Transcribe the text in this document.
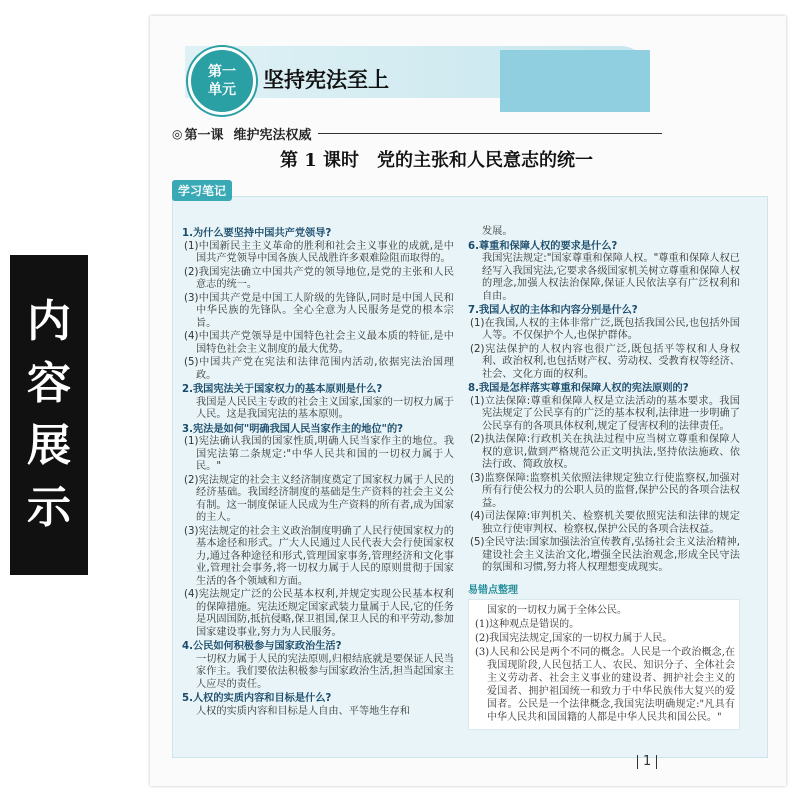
内
容
展
示
第一
单元 坚持宪法至上
◎ 第一课 维护宪法权威
第 1 课时　党的主张和人民意志的统一
学习笔记
1.为什么要坚持中国共产党领导?
(1)中国新民主主义革命的胜利和社会主义事业的成就,是中国共产党领导中国各族人民战胜许多艰难险阻而取得的。
(2)我国宪法确立中国共产党的领导地位,是党的主张和人民意志的统一。
(3)中国共产党是中国工人阶级的先锋队,同时是中国人民和中华民族的先锋队。全心全意为人民服务是党的根本宗旨。
(4)中国共产党领导是中国特色社会主义最本质的特征,是中国特色社会主义制度的最大优势。
(5)中国共产党在宪法和法律范围内活动,依据宪法治国理政。
2.我国宪法关于国家权力的基本原则是什么?
我国是人民民主专政的社会主义国家,国家的一切权力属于人民。这是我国宪法的基本原则。
3.宪法是如何"明确我国人民当家作主的地位"的?
(1)宪法确认我国的国家性质,明确人民当家作主的地位。我国宪法第二条规定:"中华人民共和国的一切权力属于人民。"
(2)宪法规定的社会主义经济制度奠定了国家权力属于人民的经济基础。我国经济制度的基础是生产资料的社会主义公有制。这一制度保证人民成为生产资料的所有者,成为国家的主人。
(3)宪法规定的社会主义政治制度明确了人民行使国家权力的基本途径和形式。广大人民通过人民代表大会行使国家权力,通过各种途径和形式,管理国家事务,管理经济和文化事业,管理社会事务,将一切权力属于人民的原则贯彻于国家生活的各个领域和方面。
(4)宪法规定广泛的公民基本权利,并规定实现公民基本权利的保障措施。宪法还规定国家武装力量属于人民,它的任务是巩固国防,抵抗侵略,保卫祖国,保卫人民的和平劳动,参加国家建设事业,努力为人民服务。
4.公民如何积极参与国家政治生活?
一切权力属于人民的宪法原则,归根结底就是要保证人民当家作主。我们要依法积极参与国家政治生活,担当起国家主人应尽的责任。
5.人权的实质内容和目标是什么?
人权的实质内容和目标是人自由、平等地生存和
发展。
6.尊重和保障人权的要求是什么?
我国宪法规定:"国家尊重和保障人权。"尊重和保障人权已经写入我国宪法,它要求各级国家机关树立尊重和保障人权的理念,加强人权法治保障,保证人民依法享有广泛权利和自由。
7.我国人权的主体和内容分别是什么?
(1)在我国,人权的主体非常广泛,既包括我国公民,也包括外国人等。不仅保护个人,也保护群体。
(2)宪法保护的人权内容也很广泛,既包括平等权和人身权利、政治权利,也包括财产权、劳动权、受教育权等经济、社会、文化方面的权利。
8.我国是怎样落实尊重和保障人权的宪法原则的?
(1)立法保障:尊重和保障人权是立法活动的基本要求。我国宪法规定了公民享有的广泛的基本权利,法律进一步明确了公民享有的各项具体权利,规定了侵害权利的法律责任。
(2)执法保障:行政机关在执法过程中应当树立尊重和保障人权的意识,做到严格规范公正文明执法,坚持依法施政、依法行政、简政放权。
(3)监察保障:监察机关依照法律规定独立行使监察权,加强对所有行使公权力的公职人员的监督,保护公民的各项合法权益。
(4)司法保障:审判机关、检察机关要依照宪法和法律的规定独立行使审判权、检察权,保护公民的各项合法权益。
(5)全民守法:国家加强法治宣传教育,弘扬社会主义法治精神,建设社会主义法治文化,增强全民法治观念,形成全民守法的氛围和习惯,努力将人权理想变成现实。
易错点整理
国家的一切权力属于全体公民。
(1)这种观点是错误的。
(2)我国宪法规定,国家的一切权力属于人民。
(3)人民和公民是两个不同的概念。人民是一个政治概念,在我国现阶段,人民包括工人、农民、知识分子、全体社会主义劳动者、社会主义事业的建设者、拥护社会主义的爱国者、拥护祖国统一和致力于中华民族伟大复兴的爱国者。公民是一个法律概念,我国宪法明确规定:"凡具有中华人民共和国国籍的人都是中华人民共和国公民。"
1
